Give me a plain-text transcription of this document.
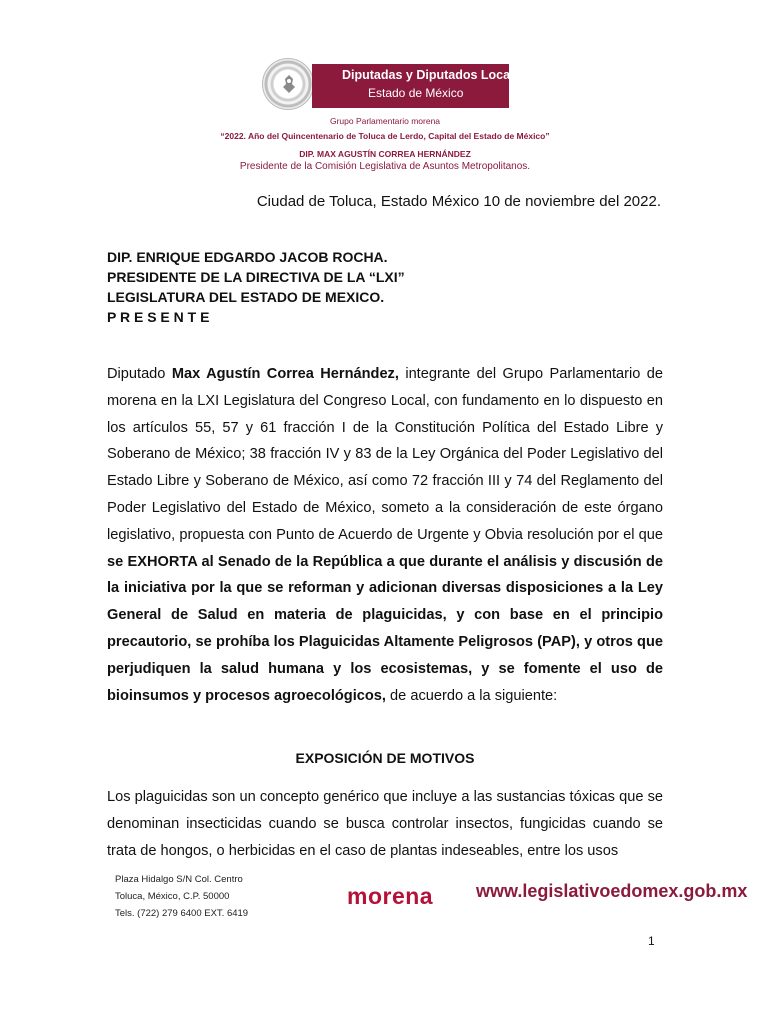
Diputadas y Diputados Locales
Estado de México
Grupo Parlamentario morena
“2022. Año del Quincentenario de Toluca de Lerdo, Capital del Estado de México”
DIP. MAX AGUSTÍN CORREA HERNÁNDEZ
Presidente de la Comisión Legislativa de Asuntos Metropolitanos.
Ciudad de Toluca, Estado México 10 de noviembre del 2022.
DIP. ENRIQUE EDGARDO JACOB ROCHA.
PRESIDENTE DE LA DIRECTIVA DE LA “LXI”
LEGISLATURA DEL ESTADO DE MEXICO.
P R E S E N T E
Diputado Max Agustín Correa Hernández, integrante del Grupo Parlamentario de morena en la LXI Legislatura del Congreso Local, con fundamento en lo dispuesto en los artículos 55, 57 y 61 fracción I de la Constitución Política del Estado Libre y Soberano de México; 38 fracción IV y 83 de la Ley Orgánica del Poder Legislativo del Estado Libre y Soberano de México, así como 72 fracción III y 74 del Reglamento del Poder Legislativo del Estado de México, someto a la consideración de este órgano legislativo, propuesta con Punto de Acuerdo de Urgente y Obvia resolución por el que se EXHORTA al Senado de la República a que durante el análisis y discusión de la iniciativa por la que se reforman y adicionan diversas disposiciones a la Ley General de Salud en materia de plaguicidas, y con base en el principio precautorio, se prohíba los Plaguicidas Altamente Peligrosos (PAP), y otros que perjudiquen la salud humana y los ecosistemas, y se fomente el uso de bioinsumos y procesos agroecológicos, de acuerdo a la siguiente:
EXPOSICIÓN DE MOTIVOS
Los plaguicidas son un concepto genérico que incluye a las sustancias tóxicas que se denominan insecticidas cuando se busca controlar insectos, fungicidas cuando se trata de hongos, o herbicidas en el caso de plantas indeseables, entre los usos
Plaza Hidalgo S/N Col. Centro
Toluca, México, C.P. 50000
Tels. (722) 279 6400 EXT. 6419
morena www.legislativoedomex.gob.mx
1
